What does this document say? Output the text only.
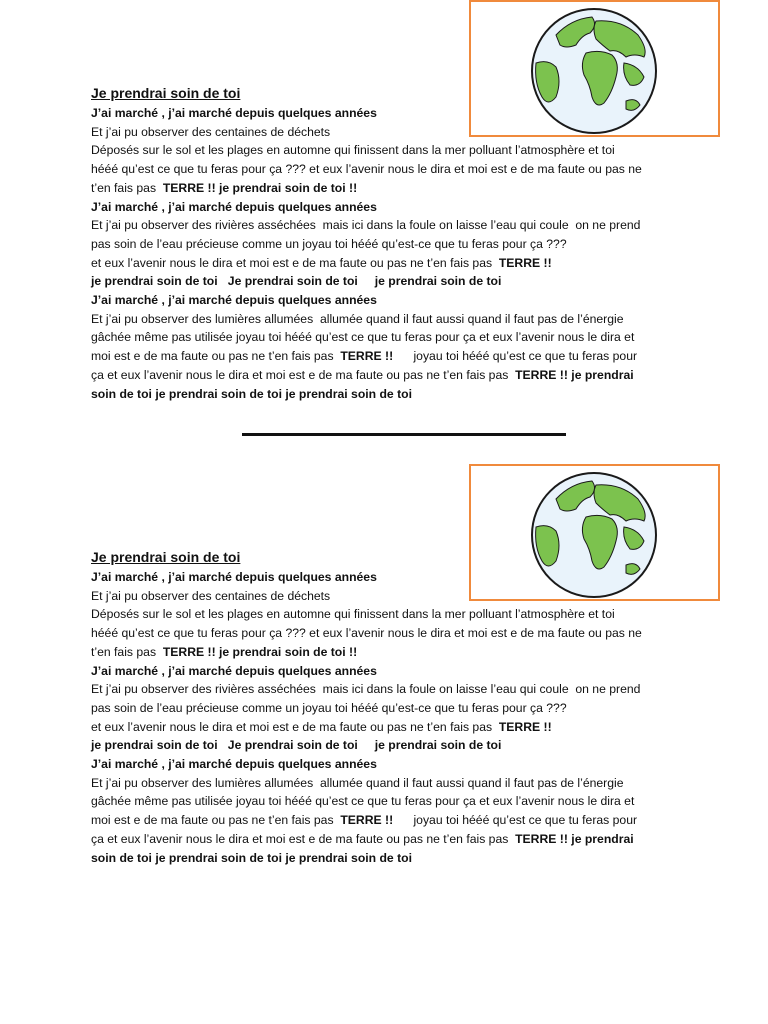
Je prendrai soin de toi
J’ai marché , j’ai marché depuis quelques années
Et j’ai pu observer des centaines de déchets
Déposés sur le sol et les plages en automne qui finissent dans la mer polluant l’atmosphère et toi
hééé qu’est ce que tu feras pour ça ??? et eux l’avenir nous le dira et moi est e de ma faute ou pas ne
t’en fais pas  TERRE !! je prendrai soin de toi !!
J’ai marché , j’ai marché depuis quelques années
Et j’ai pu observer des rivières asséchées  mais ici dans la foule on laisse l’eau qui coule  on ne prend
pas soin de l’eau précieuse comme un joyau toi hééé qu’est-ce que tu feras pour ça ???
et eux l’avenir nous le dira et moi est e de ma faute ou pas ne t’en fais pas  TERRE !!
je prendrai soin de toi   Je prendrai soin de toi     je prendrai soin de toi
J’ai marché , j’ai marché depuis quelques années
Et j’ai pu observer des lumières allumées  allumée quand il faut aussi quand il faut pas de l’énergie
gâchée même pas utilisée joyau toi hééé qu’est ce que tu feras pour ça et eux l’avenir nous le dira et
moi est e de ma faute ou pas ne t’en fais pas  TERRE !!      joyau toi hééé qu’est ce que tu feras pour
ça et eux l’avenir nous le dira et moi est e de ma faute ou pas ne t’en fais pas  TERRE !! je prendrai
soin de toi je prendrai soin de toi je prendrai soin de toi
Je prendrai soin de toi
J’ai marché , j’ai marché depuis quelques années
Et j’ai pu observer des centaines de déchets
Déposés sur le sol et les plages en automne qui finissent dans la mer polluant l’atmosphère et toi
hééé qu’est ce que tu feras pour ça ??? et eux l’avenir nous le dira et moi est e de ma faute ou pas ne
t’en fais pas  TERRE !! je prendrai soin de toi !!
J’ai marché , j’ai marché depuis quelques années
Et j’ai pu observer des rivières asséchées  mais ici dans la foule on laisse l’eau qui coule  on ne prend
pas soin de l’eau précieuse comme un joyau toi hééé qu’est-ce que tu feras pour ça ???
et eux l’avenir nous le dira et moi est e de ma faute ou pas ne t’en fais pas  TERRE !!
je prendrai soin de toi   Je prendrai soin de toi     je prendrai soin de toi
J’ai marché , j’ai marché depuis quelques années
Et j’ai pu observer des lumières allumées  allumée quand il faut aussi quand il faut pas de l’énergie
gâchée même pas utilisée joyau toi hééé qu’est ce que tu feras pour ça et eux l’avenir nous le dira et
moi est e de ma faute ou pas ne t’en fais pas  TERRE !!      joyau toi hééé qu’est ce que tu feras pour
ça et eux l’avenir nous le dira et moi est e de ma faute ou pas ne t’en fais pas  TERRE !! je prendrai
soin de toi je prendrai soin de toi je prendrai soin de toi
